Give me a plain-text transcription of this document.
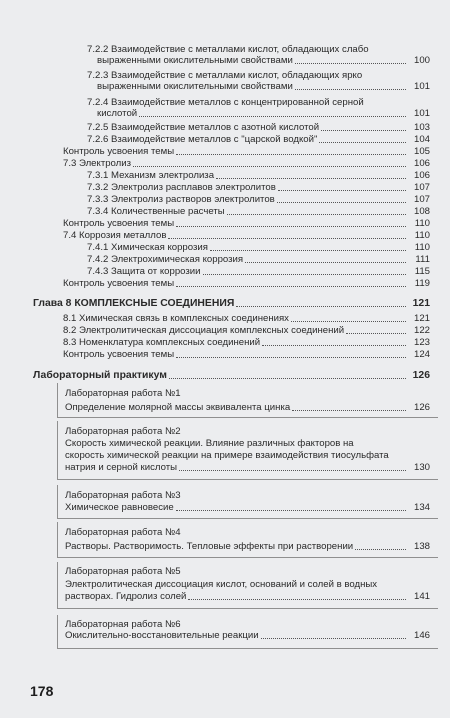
7.2.2 Взаимодействие с металлами кислот, обладающих слабо
выраженными окислительными свойствами	100
7.2.3 Взаимодействие с металлами кислот, обладающих ярко
выраженными окислительными свойствами	101
7.2.4 Взаимодействие металлов с концентрированной серной
кислотой	101
7.2.5 Взаимодействие металлов с азотной кислотой	103
7.2.6 Взаимодействие металлов с "царской водкой"	104
Контроль усвоения темы	105
7.3 Электролиз	106
7.3.1 Механизм электролиза	106
7.3.2 Электролиз расплавов электролитов	107
7.3.3 Электролиз растворов электролитов	107
7.3.4 Количественные расчеты	108
Контроль усвоения темы	110
7.4 Коррозия металлов	110
7.4.1 Химическая коррозия	110
7.4.2 Электрохимическая коррозия	111
7.4.3 Защита от коррозии	115
Контроль усвоения темы	119
Глава 8 КОМПЛЕКСНЫЕ СОЕДИНЕНИЯ	121
8.1 Химическая связь в комплексных соединениях	121
8.2 Электролитическая диссоциация комплексных соединений	122
8.3 Номенклатура комплексных соединений	123
Контроль усвоения темы	124
Лабораторный практикум	126
Лабораторная работа №1
Определение молярной массы эквивалента цинка	126
Лабораторная работа №2
Скорость химической реакции. Влияние различных факторов на
скорость химической реакции на примере взаимодействия тиосульфата
натрия и серной кислоты	130
Лабораторная работа №3
Химическое равновесие	134
Лабораторная работа №4
Растворы. Растворимость. Тепловые эффекты при растворении	138
Лабораторная работа №5
Электролитическая диссоциация кислот, оснований и солей в водных
растворах. Гидролиз солей	141
Лабораторная работа №6
Окислительно-восстановительные реакции	146
178
